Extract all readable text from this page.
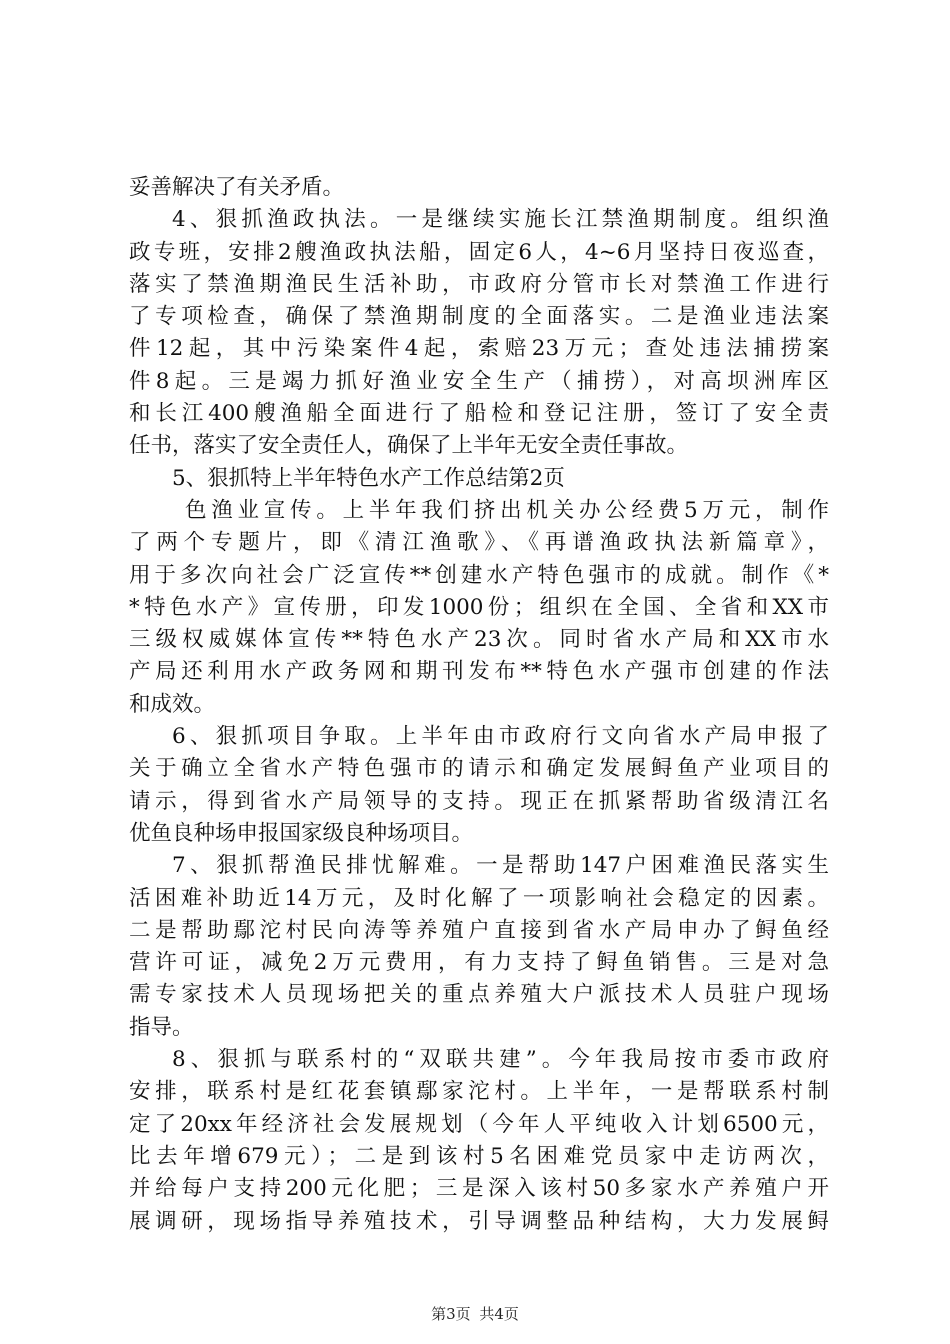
妥善解决了有关矛盾。
4、狠抓渔政执法。一是继续实施长江禁渔期制度。组织渔
政专班，安排2艘渔政执法船，固定6人，4~6月坚持日夜巡查，
落实了禁渔期渔民生活补助，市政府分管市长对禁渔工作进行
了专项检查，确保了禁渔期制度的全面落实。二是渔业违法案
件12起，其中污染案件4起，索赔23万元；查处违法捕捞案
件8起。三是竭力抓好渔业安全生产（捕捞），对高坝洲库区
和长江400艘渔船全面进行了船检和登记注册，签订了安全责
任书，落实了安全责任人，确保了上半年无安全责任事故。
5、狠抓特上半年特色水产工作总结第2页
色渔业宣传。上半年我们挤出机关办公经费5万元，制作
了两个专题片，即《清江渔歌》、《再谱渔政执法新篇章》，
用于多次向社会广泛宣传**创建水产特色强市的成就。制作《*
*特色水产》宣传册，印发1000份；组织在全国、全省和XX市
三级权威媒体宣传**特色水产23次。同时省水产局和XX市水
产局还利用水产政务网和期刊发布**特色水产强市创建的作法
和成效。
6、狠抓项目争取。上半年由市政府行文向省水产局申报了
关于确立全省水产特色强市的请示和确定发展鲟鱼产业项目的
请示，得到省水产局领导的支持。现正在抓紧帮助省级清江名
优鱼良种场申报国家级良种场项目。
7、狠抓帮渔民排忧解难。一是帮助147户困难渔民落实生
活困难补助近14万元，及时化解了一项影响社会稳定的因素。
二是帮助鄢沱村民向涛等养殖户直接到省水产局申办了鲟鱼经
营许可证，减免2万元费用，有力支持了鲟鱼销售。三是对急
需专家技术人员现场把关的重点养殖大户派技术人员驻户现场
指导。
8、狠抓与联系村的“双联共建”。今年我局按市委市政府
安排，联系村是红花套镇鄢家沱村。上半年，一是帮联系村制
定了20xx年经济社会发展规划（今年人平纯收入计划6500元，
比去年增679元）；二是到该村5名困难党员家中走访两次，
并给每户支持200元化肥；三是深入该村50多家水产养殖户开
展调研，现场指导养殖技术，引导调整品种结构，大力发展鲟
第3页 共4页
